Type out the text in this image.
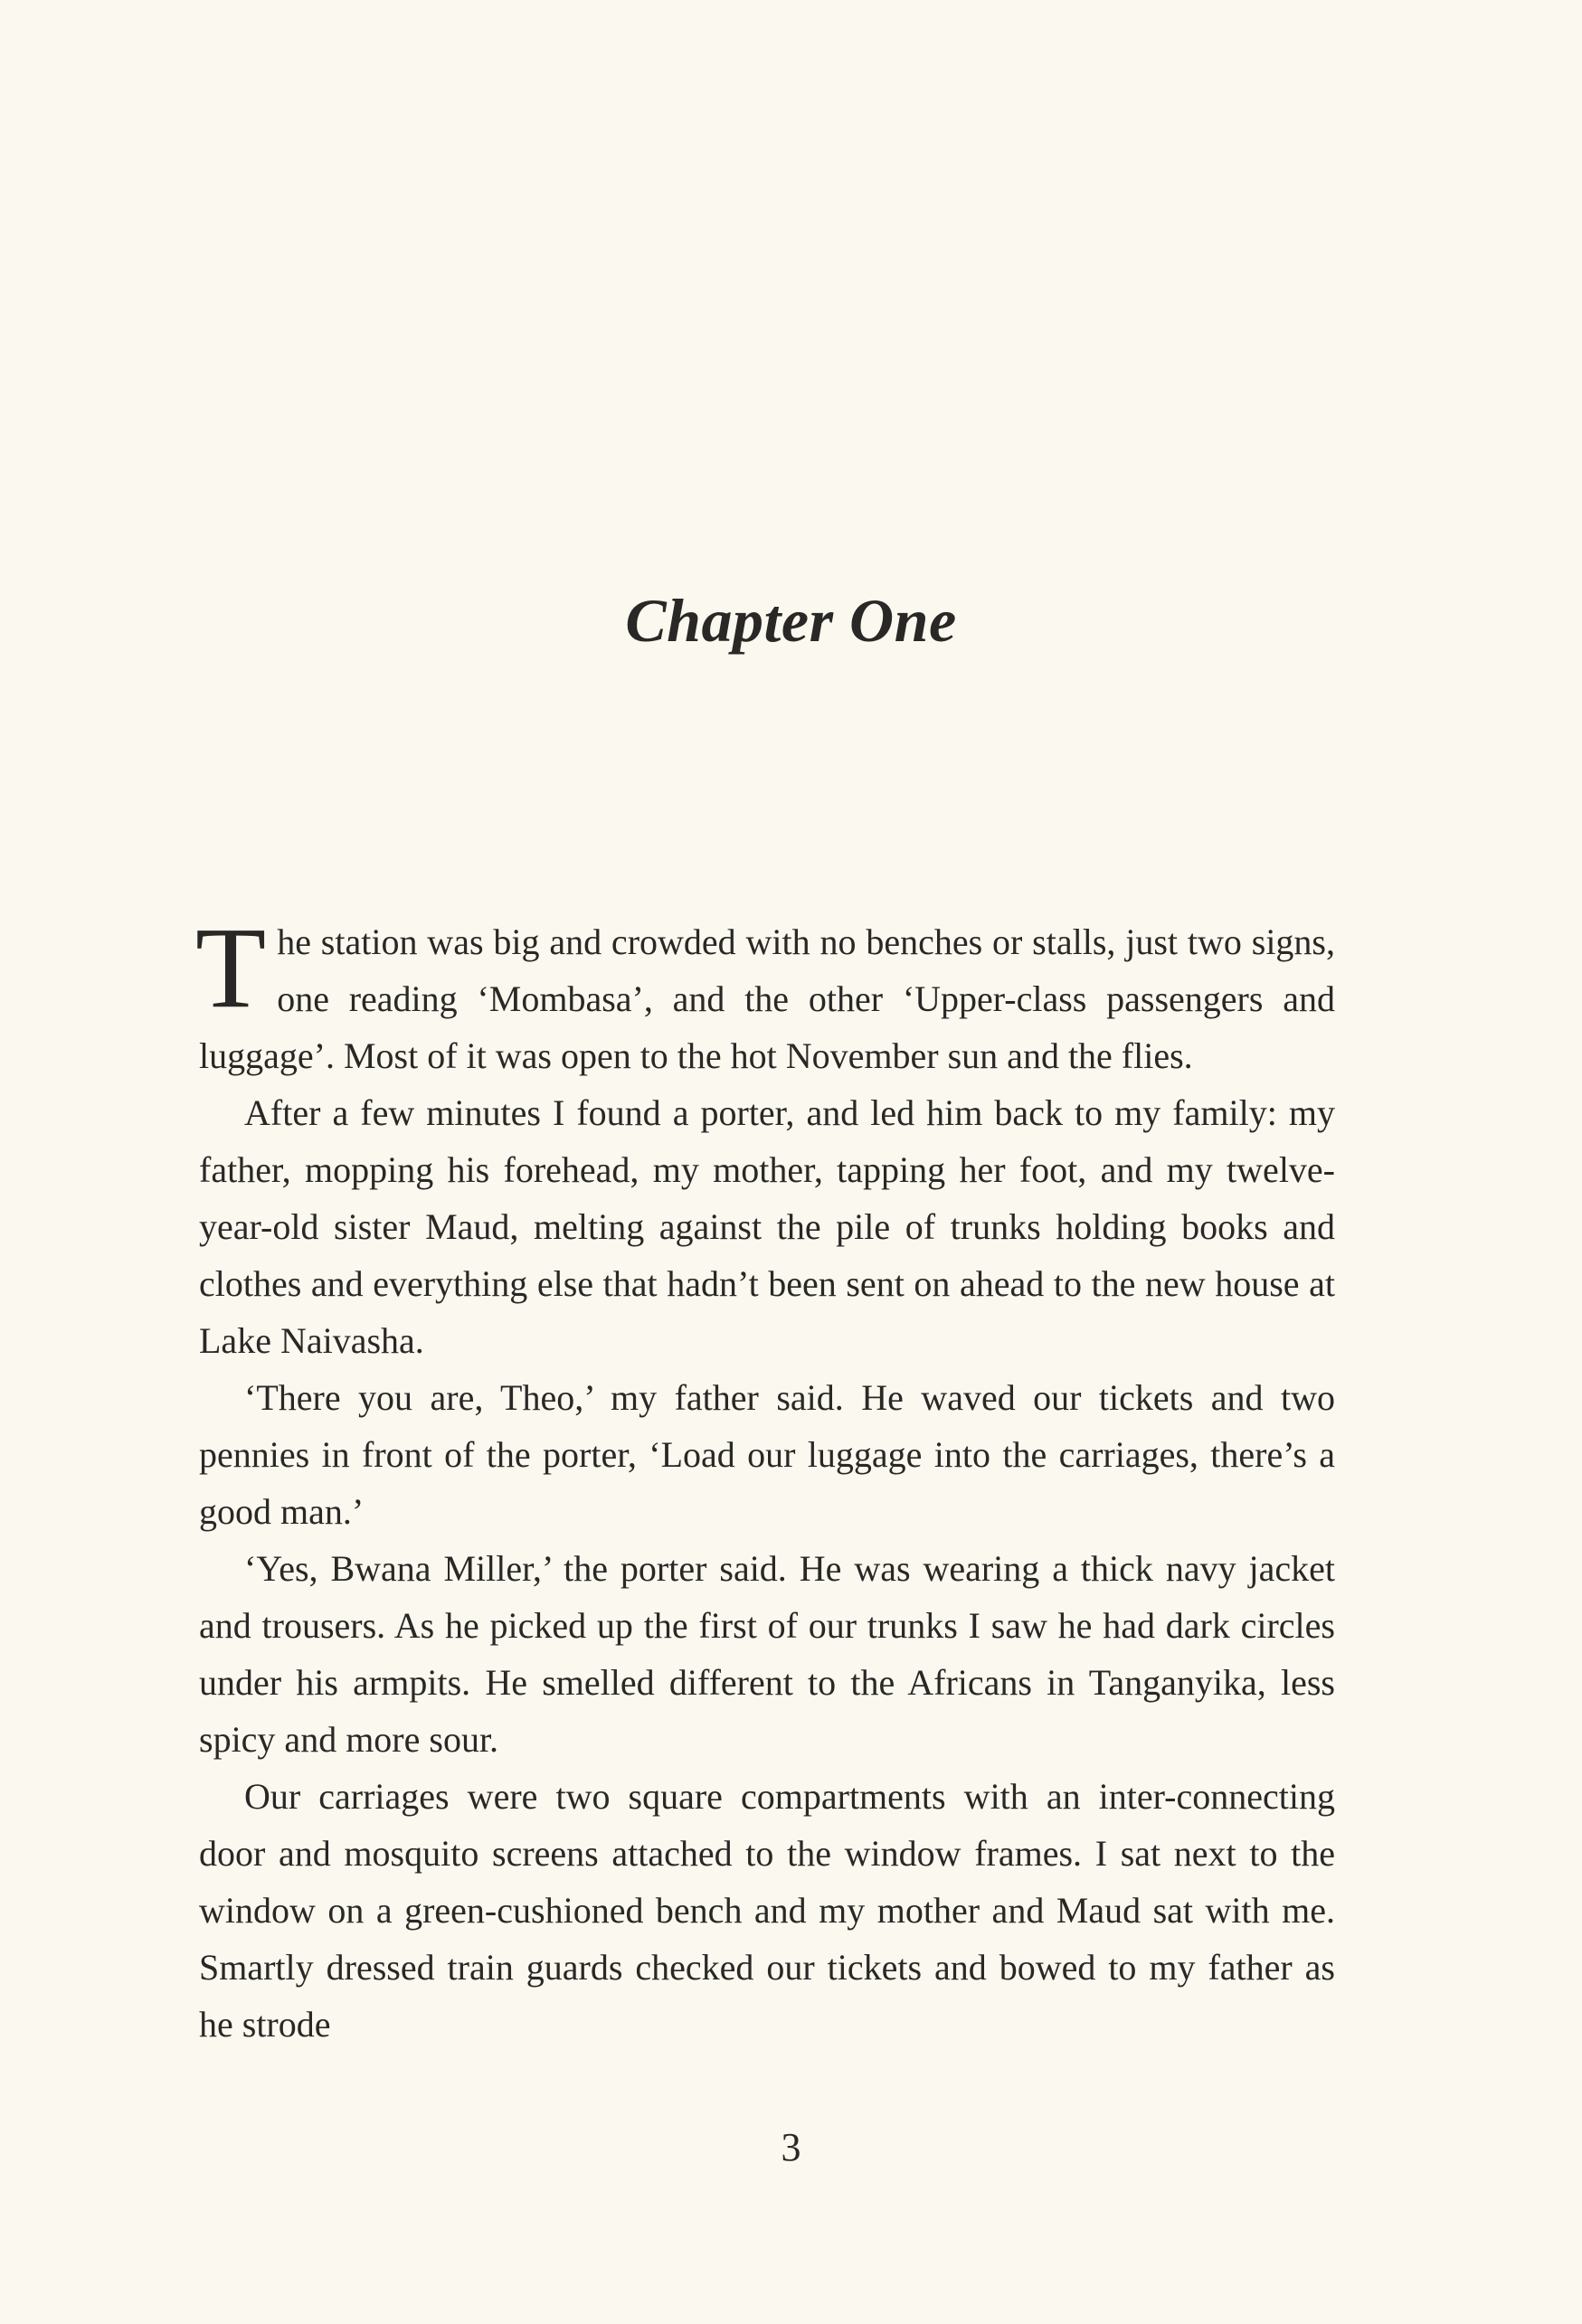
Chapter One

The station was big and crowded with no benches or stalls, just two signs, one reading ‘Mombasa’, and the other ‘Upper-class passengers and luggage’. Most of it was open to the hot November sun and the flies.

After a few minutes I found a porter, and led him back to my family: my father, mopping his forehead, my mother, tapping her foot, and my twelve-year-old sister Maud, melting against the pile of trunks holding books and clothes and everything else that hadn’t been sent on ahead to the new house at Lake Naivasha.

‘There you are, Theo,’ my father said. He waved our tickets and two pennies in front of the porter, ‘Load our luggage into the carriages, there’s a good man.’

‘Yes, Bwana Miller,’ the porter said. He was wearing a thick navy jacket and trousers. As he picked up the first of our trunks I saw he had dark circles under his armpits. He smelled different to the Africans in Tanganyika, less spicy and more sour.

Our carriages were two square compartments with an inter-connecting door and mosquito screens attached to the window frames. I sat next to the window on a green-cushioned bench and my mother and Maud sat with me. Smartly dressed train guards checked our tickets and bowed to my father as he strode

3
